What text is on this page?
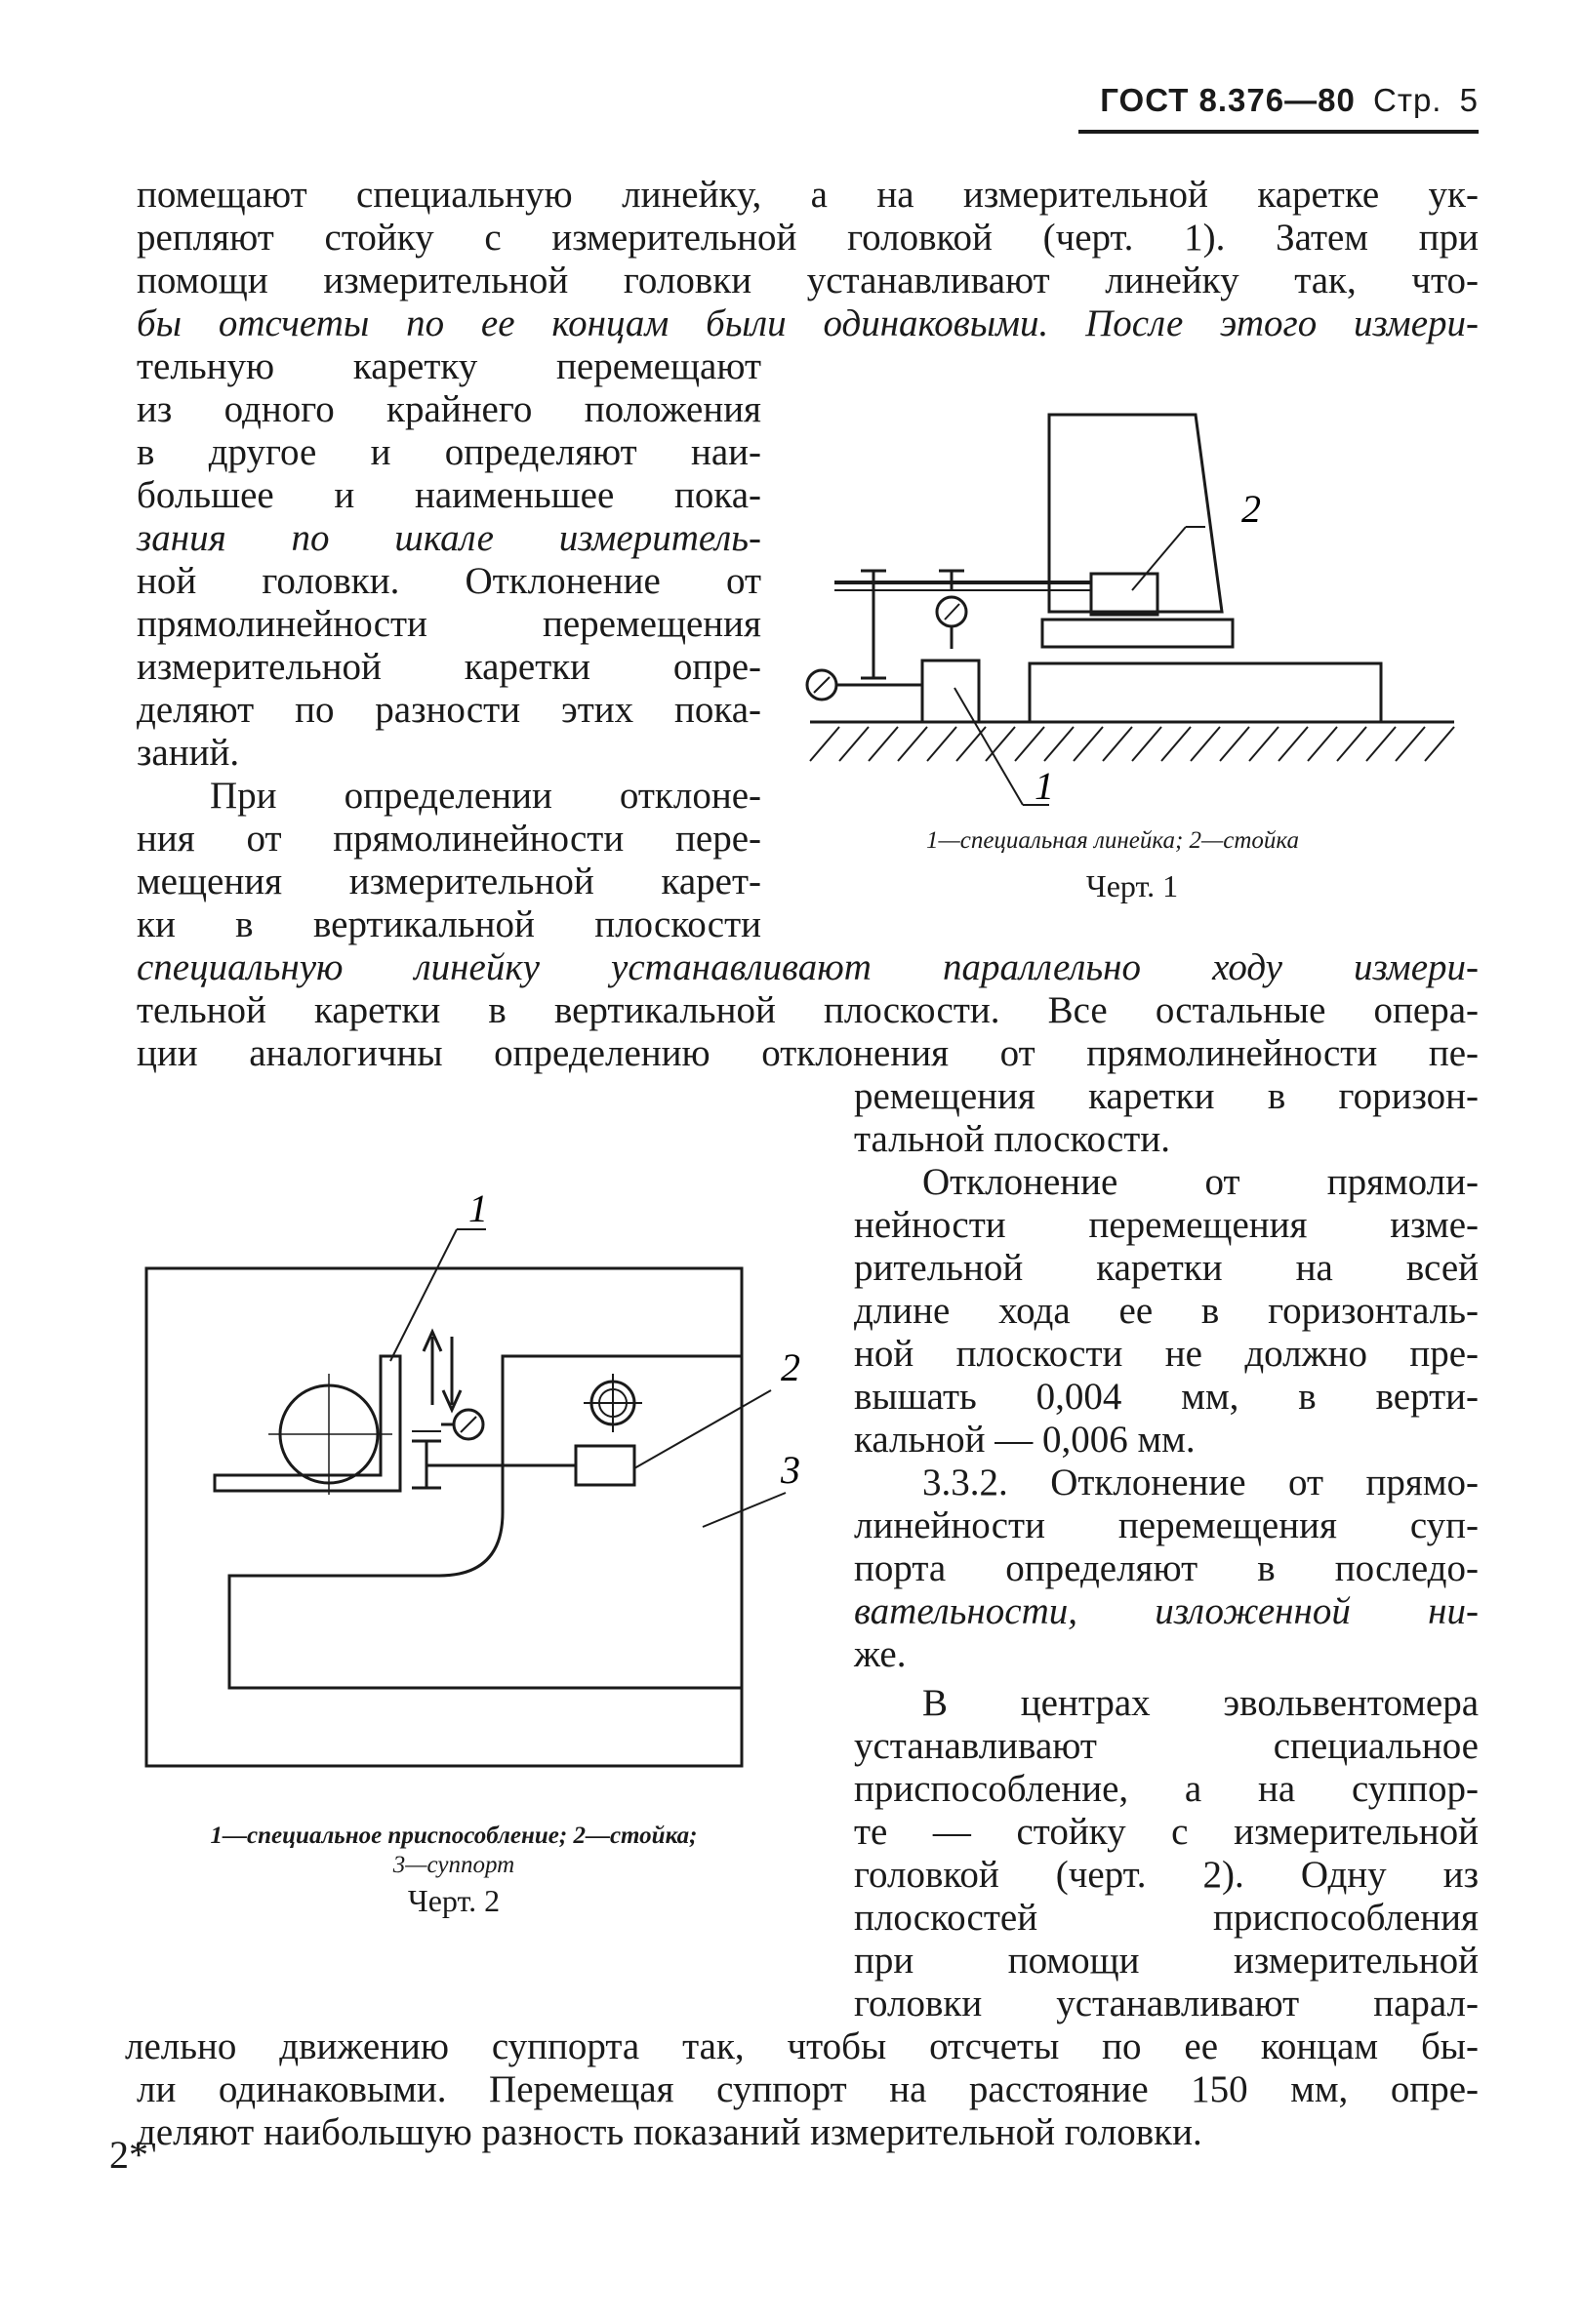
ГОСТ 8.376—80 Стр. 5
помещают специальную линейку, а на измерительной каретке ук-
репляют стойку с измерительной головкой (черт. 1). Затем при
помощи измерительной головки устанавливают линейку так, что-
бы отсчеты по ее концам были одинаковыми. После этого измери-
тельную каретку перемещают
из одного крайнего положения
в другое и определяют наи-
большее и наименьшее пока-
зания по шкале измеритель-
ной головки. Отклонение от
прямолинейности перемещения
измерительной каретки опре-
деляют по разности этих пока-
заний.
При определении отклоне-
ния от прямолинейности пере-
мещения измерительной карет-
ки в вертикальной плоскости
2
1
1—специальная линейка; 2—стойка
Черт. 1
специальную линейку устанавливают параллельно ходу измери-
тельной каретки в вертикальной плоскости. Все остальные опера-
ции аналогичны определению отклонения от прямолинейности пе-
ремещения каретки в горизон-
тальной плоскости.
Отклонение от прямоли-
нейности перемещения изме-
рительной каретки на всей
длине хода ее в горизонталь-
ной плоскости не должно пре-
вышать 0,004 мм, в верти-
кальной — 0,006 мм.
3.3.2. Отклонение от прямо-
линейности перемещения суп-
порта определяют в последо-
вательности, изложенной ни-
же.
В центрах эвольвентомера
устанавливают специальное
приспособление, а на суппор-
те — стойку с измерительной
головкой (черт. 2). Одну из
плоскостей приспособления
при помощи измерительной
головки устанавливают парал-
1
2
3
1—специальное приспособление; 2—стойка;
3—суппорт
Черт. 2
лельно движению суппорта так, чтобы отсчеты по ее концам бы-
ли одинаковыми. Перемещая суппорт на расстояние 150 мм, опре-
деляют наибольшую разность показаний измерительной головки.
2*
